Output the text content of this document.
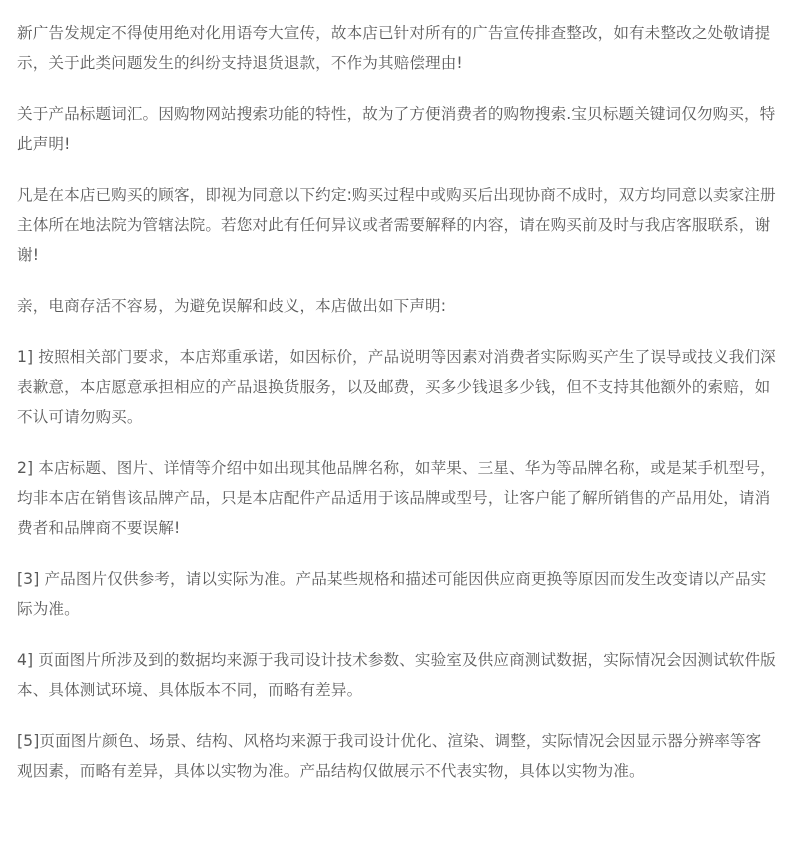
新广告发规定不得使用绝对化用语夸大宣传，故本店已针对所有的广告宣传排查整改，如有未整改之处敬请提示，关于此类问题发生的纠纷支持退货退款，不作为其赔偿理由!

关于产品标题词汇。因购物网站搜索功能的特性，故为了方便消费者的购物搜索.宝贝标题关键词仅勿购买，特此声明!

凡是在本店已购买的顾客，即视为同意以下约定:购买过程中或购买后出现协商不成时，双方均同意以卖家注册主体所在地法院为管辖法院。若您对此有任何异议或者需要解释的内容，请在购买前及时与我店客服联系，谢谢!

亲，电商存活不容易，为避免误解和歧义，本店做出如下声明:

1] 按照相关部门要求，本店郑重承诺，如因标价，产品说明等因素对消费者实际购买产生了误导或技义我们深表歉意，本店愿意承担相应的产品退换货服务，以及邮费，买多少钱退多少钱，但不支持其他额外的索赔，如不认可请勿购买。

2] 本店标题、图片、详情等介绍中如出现其他品牌名称，如苹果、三星、华为等品牌名称，或是某手机型号，均非本店在销售该品牌产品，只是本店配件产品适用于该品牌或型号，让客户能了解所销售的产品用处，请消费者和品牌商不要误解!

[3] 产品图片仅供参考，请以实际为准。产品某些规格和描述可能因供应商更换等原因而发生改变请以产品实际为准。

4] 页面图片所涉及到的数据均来源于我司设计技术参数、实验室及供应商测试数据，实际情况会因测试软件版本、具体测试环境、具体版本不同，而略有差异。

[5]页面图片颜色、场景、结构、风格均来源于我司设计优化、渲染、调整，实际情况会因显示器分辨率等客观因素，而略有差异，具体以实物为准。产品结构仅做展示不代表实物，具体以实物为准。
